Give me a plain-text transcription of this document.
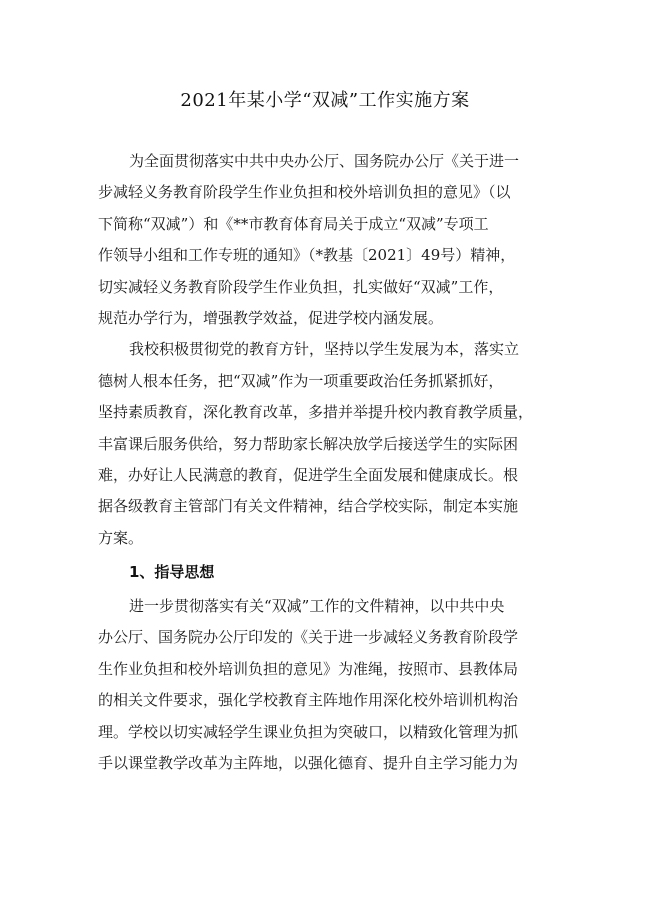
2021年某小学“双减”工作实施方案
为全面贯彻落实中共中央办公厅、国务院办公厅《关于进一
步减轻义务教育阶段学生作业负担和校外培训负担的意见》（以
下简称“双减”）和《**市教育体育局关于成立“双减”专项工
作领导小组和工作专班的通知》（*教基〔2021〕49号）精神，
切实减轻义务教育阶段学生作业负担，扎实做好“双减”工作，
规范办学行为，增强教学效益，促进学校内涵发展。
我校积极贯彻党的教育方针，坚持以学生发展为本，落实立
德树人根本任务，把“双减”作为一项重要政治任务抓紧抓好，
坚持素质教育，深化教育改革，多措并举提升校内教育教学质量，
丰富课后服务供给，努力帮助家长解决放学后接送学生的实际困
难，办好让人民满意的教育，促进学生全面发展和健康成长。根
据各级教育主管部门有关文件精神，结合学校实际，制定本实施
方案。
1、指导思想
进一步贯彻落实有关“双减”工作的文件精神，以中共中央
办公厅、国务院办公厅印发的《关于进一步减轻义务教育阶段学
生作业负担和校外培训负担的意见》为准绳，按照市、县教体局
的相关文件要求，强化学校教育主阵地作用深化校外培训机构治
理。学校以切实减轻学生课业负担为突破口，以精致化管理为抓
手以课堂教学改革为主阵地，以强化德育、提升自主学习能力为
